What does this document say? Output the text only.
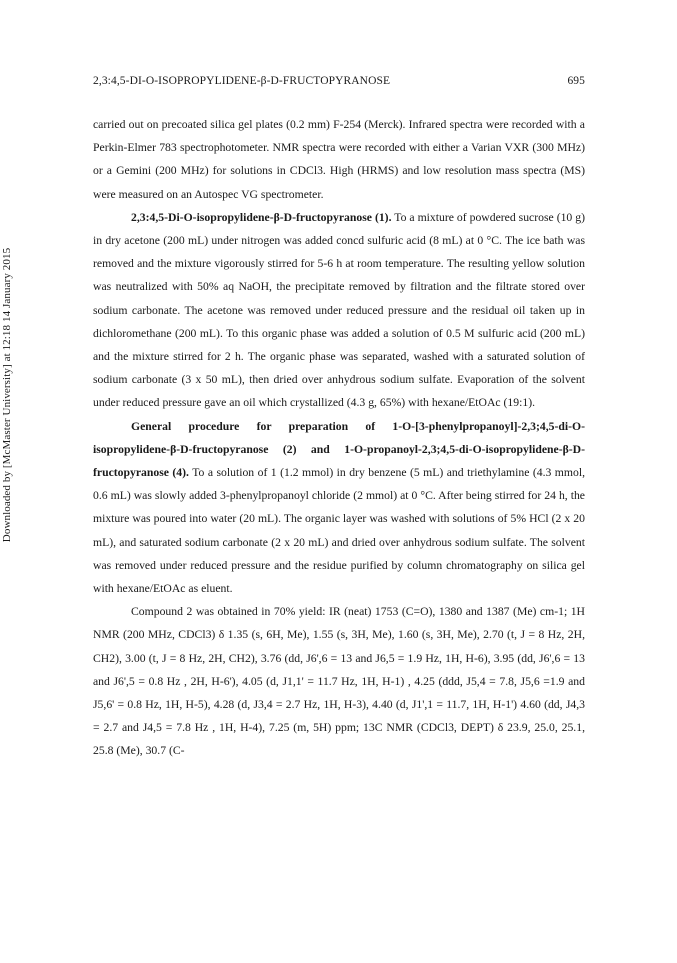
Downloaded by [McMaster University] at 12:18 14 January 2015
2,3:4,5-DI-O-ISOPROPYLIDENE-β-D-FRUCTOPYRANOSE	695

carried out on precoated silica gel plates (0.2 mm) F-254 (Merck). Infrared spectra were recorded with a Perkin-Elmer 783 spectrophotometer. NMR spectra were recorded with either a Varian VXR (300 MHz) or a Gemini (200 MHz) for solutions in CDCl3. High (HRMS) and low resolution mass spectra (MS) were measured on an Autospec VG spectrometer.

2,3:4,5-Di-O-isopropylidene-β-D-fructopyranose (1). To a mixture of powdered sucrose (10 g) in dry acetone (200 mL) under nitrogen was added concd sulfuric acid (8 mL) at 0 °C. The ice bath was removed and the mixture vigorously stirred for 5-6 h at room temperature. The resulting yellow solution was neutralized with 50% aq NaOH, the precipitate removed by filtration and the filtrate stored over sodium carbonate. The acetone was removed under reduced pressure and the residual oil taken up in dichloromethane (200 mL). To this organic phase was added a solution of 0.5 M sulfuric acid (200 mL) and the mixture stirred for 2 h. The organic phase was separated, washed with a saturated solution of sodium carbonate (3 x 50 mL), then dried over anhydrous sodium sulfate. Evaporation of the solvent under reduced pressure gave an oil which crystallized (4.3 g, 65%) with hexane/EtOAc (19:1).

General procedure for preparation of 1-O-[3-phenylpropanoyl]-2,3;4,5-di-O-isopropylidene-β-D-fructopyranose (2) and 1-O-propanoyl-2,3;4,5-di-O-isopropylidene-β-D-fructopyranose (4). To a solution of 1 (1.2 mmol) in dry benzene (5 mL) and triethylamine (4.3 mmol, 0.6 mL) was slowly added 3-phenylpropanoyl chloride (2 mmol) at 0 °C. After being stirred for 24 h, the mixture was poured into water (20 mL). The organic layer was washed with solutions of 5% HCl (2 x 20 mL), and saturated sodium carbonate (2 x 20 mL) and dried over anhydrous sodium sulfate. The solvent was removed under reduced pressure and the residue purified by column chromatography on silica gel with hexane/EtOAc as eluent.

Compound 2 was obtained in 70% yield: IR (neat) 1753 (C=O), 1380 and 1387 (Me) cm-1; 1H NMR (200 MHz, CDCl3) δ 1.35 (s, 6H, Me), 1.55 (s, 3H, Me), 1.60 (s, 3H, Me), 2.70 (t, J = 8 Hz, 2H, CH2), 3.00 (t, J = 8 Hz, 2H, CH2), 3.76 (dd, J6',6 = 13 and J6,5 = 1.9 Hz, 1H, H-6), 3.95 (dd, J6',6 = 13 and J6',5 = 0.8 Hz , 2H, H-6'), 4.05 (d, J1,1' = 11.7 Hz, 1H, H-1) , 4.25 (ddd, J5,4 = 7.8, J5,6 =1.9 and J5,6' = 0.8 Hz, 1H, H-5), 4.28 (d, J3,4 = 2.7 Hz, 1H, H-3), 4.40 (d, J1',1 = 11.7, 1H, H-1') 4.60 (dd, J4,3 = 2.7 and J4,5 = 7.8 Hz , 1H, H-4), 7.25 (m, 5H) ppm; 13C NMR (CDCl3, DEPT) δ 23.9, 25.0, 25.1, 25.8 (Me), 30.7 (C-
